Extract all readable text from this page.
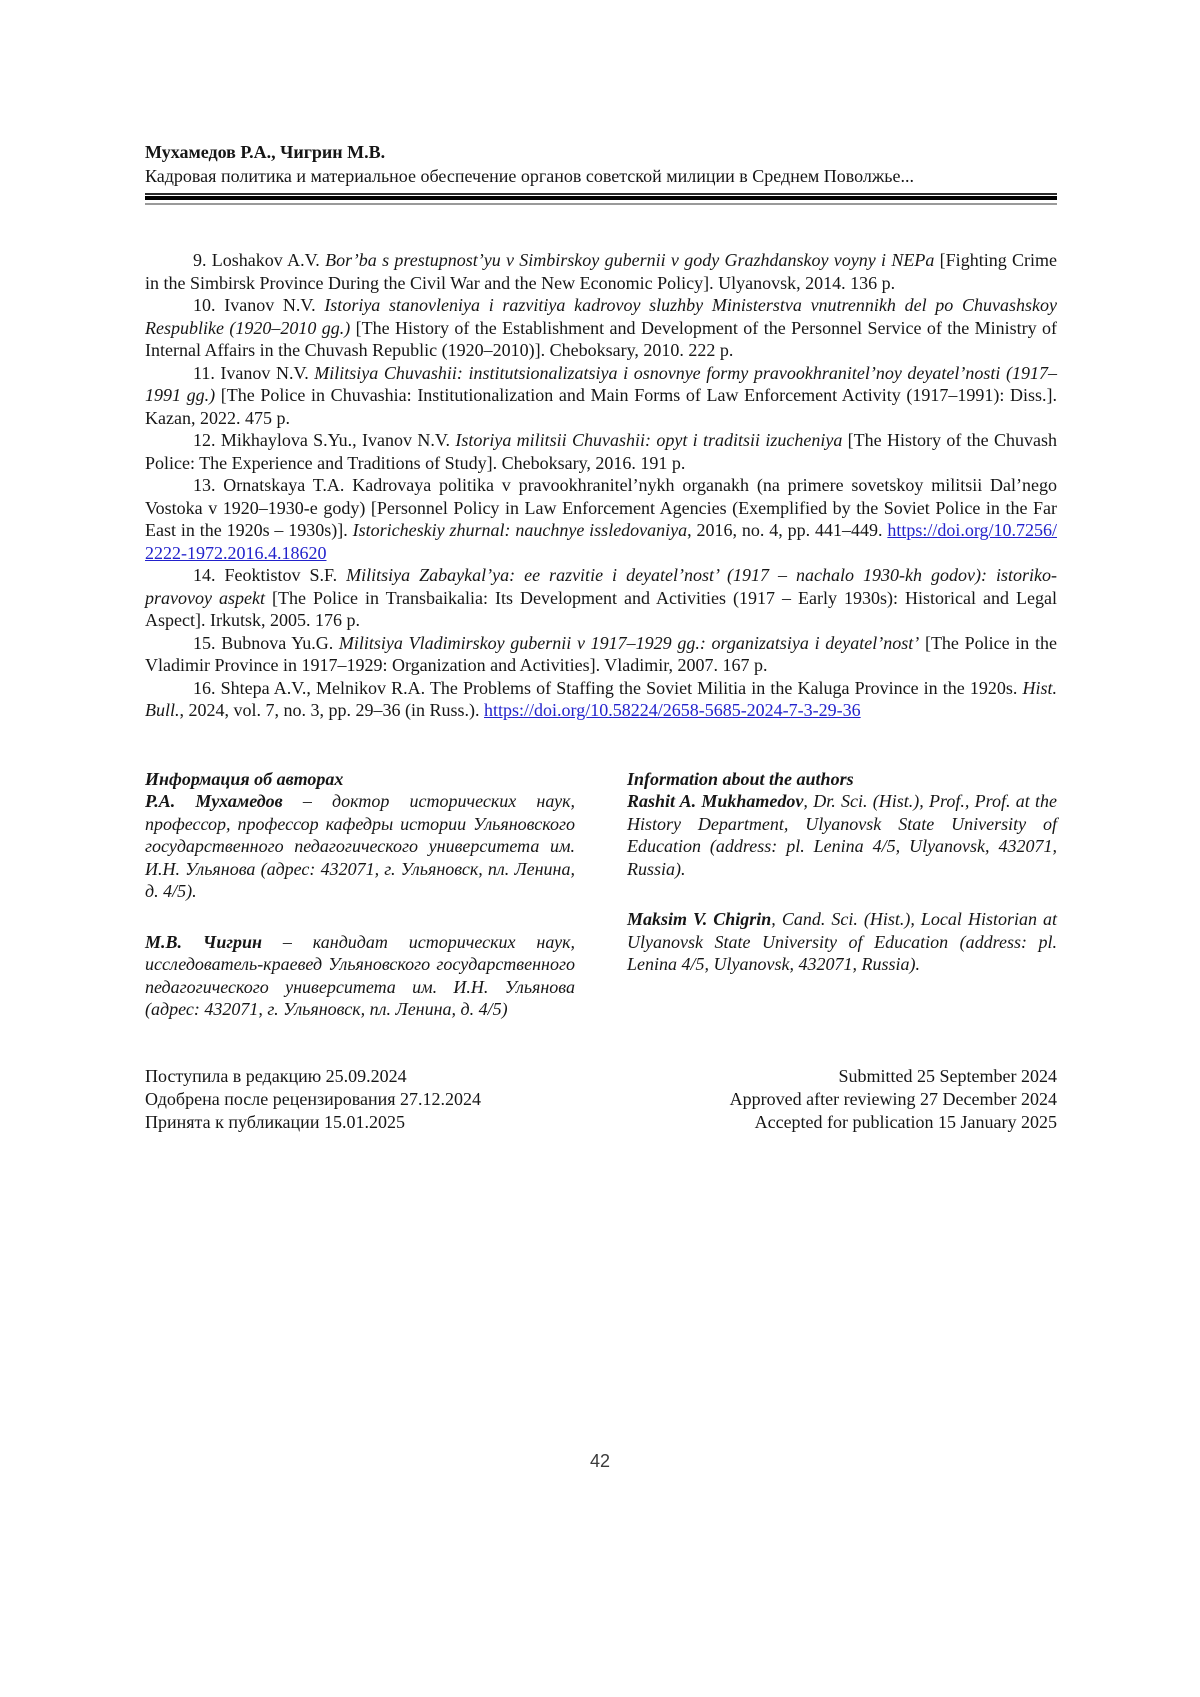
Мухамедов Р.А., Чигрин М.В.
Кадровая политика и материальное обеспечение органов советской милиции в Среднем Поволжье...

9. Loshakov A.V. Bor’ba s prestupnost’yu v Simbirskoy gubernii v gody Grazhdanskoy voyny i NEPa [Fighting Crime in the Simbirsk Province During the Civil War and the New Economic Policy]. Ulyanovsk, 2014. 136 p.

10. Ivanov N.V. Istoriya stanovleniya i razvitiya kadrovoy sluzhby Ministerstva vnutrennikh del po Chuvashskoy Respublike (1920–2010 gg.) [The History of the Establishment and Development of the Personnel Service of the Ministry of Internal Affairs in the Chuvash Republic (1920–2010)]. Cheboksary, 2010. 222 p.

11. Ivanov N.V. Militsiya Chuvashii: institutsionalizatsiya i osnovnye formy pravookhranitel’noy deyatel’nosti (1917–1991 gg.) [The Police in Chuvashia: Institutionalization and Main Forms of Law Enforcement Activity (1917–1991): Diss.]. Kazan, 2022. 475 p.

12. Mikhaylova S.Yu., Ivanov N.V. Istoriya militsii Chuvashii: opyt i traditsii izucheniya [The History of the Chuvash Police: The Experience and Traditions of Study]. Cheboksary, 2016. 191 p.

13. Ornatskaya T.A. Kadrovaya politika v pravookhranitel’nykh organakh (na primere sovetskoy militsii Dal’nego Vostoka v 1920–1930-e gody) [Personnel Policy in Law Enforcement Agencies (Exemplified by the Soviet Police in the Far East in the 1920s – 1930s)]. Istoricheskiy zhurnal: nauchnye issledovaniya, 2016, no. 4, pp. 441–449. https://doi.org/10.7256/2222-1972.2016.4.18620

14. Feoktistov S.F. Militsiya Zabaykal’ya: ee razvitie i deyatel’nost’ (1917 – nachalo 1930-kh godov): istoriko-pravovoy aspekt [The Police in Transbaikalia: Its Development and Activities (1917 – Early 1930s): Historical and Legal Aspect]. Irkutsk, 2005. 176 p.

15. Bubnova Yu.G. Militsiya Vladimirskoy gubernii v 1917–1929 gg.: organizatsiya i deyatel’nost’ [The Police in the Vladimir Province in 1917–1929: Organization and Activities]. Vladimir, 2007. 167 p.

16. Shtepa A.V., Melnikov R.A. The Problems of Staffing the Soviet Militia in the Kaluga Province in the 1920s. Hist. Bull., 2024, vol. 7, no. 3, pp. 29–36 (in Russ.). https://doi.org/10.58224/2658-5685-2024-7-3-29-36

Информация об авторах

Р.А. Мухамедов – доктор исторических наук, профессор, профессор кафедры истории Ульяновского государственного педагогического университета им. И.Н. Ульянова (адрес: 432071, г. Ульяновск, пл. Ленина, д. 4/5).

М.В. Чигрин – кандидат исторических наук, исследователь-краевед Ульяновского государственного педагогического университета им. И.Н. Ульянова (адрес: 432071, г. Ульяновск, пл. Ленина, д. 4/5)

Information about the authors

Rashit A. Mukhamedov, Dr. Sci. (Hist.), Prof., Prof. at the History Department, Ulyanovsk State University of Education (address: pl. Lenina 4/5, Ulyanovsk, 432071, Russia).

Maksim V. Chigrin, Cand. Sci. (Hist.), Local Historian at Ulyanovsk State University of Education (address: pl. Lenina 4/5, Ulyanovsk, 432071, Russia).

Поступила в редакцию 25.09.2024
Одобрена после рецензирования 27.12.2024
Принята к публикации 15.01.2025
Submitted 25 September 2024
Approved after reviewing 27 December 2024
Accepted for publication 15 January 2025
42
